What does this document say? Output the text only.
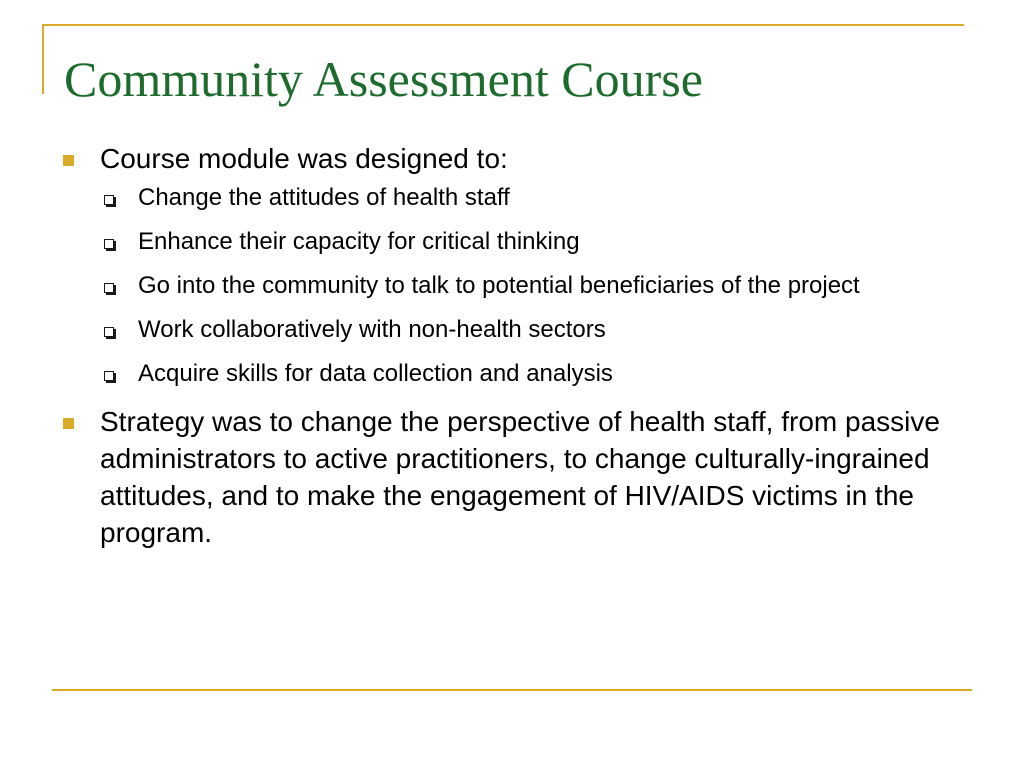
Community Assessment Course
Course module was designed to:
Change the attitudes of health staff
Enhance their capacity for critical thinking
Go into the community to talk to potential beneficiaries of the project
Work collaboratively with non-health sectors
Acquire skills for data collection and analysis
Strategy was to change the perspective of health staff, from passive administrators to active practitioners, to change culturally-ingrained attitudes, and to make the engagement of HIV/AIDS victims in the program.
